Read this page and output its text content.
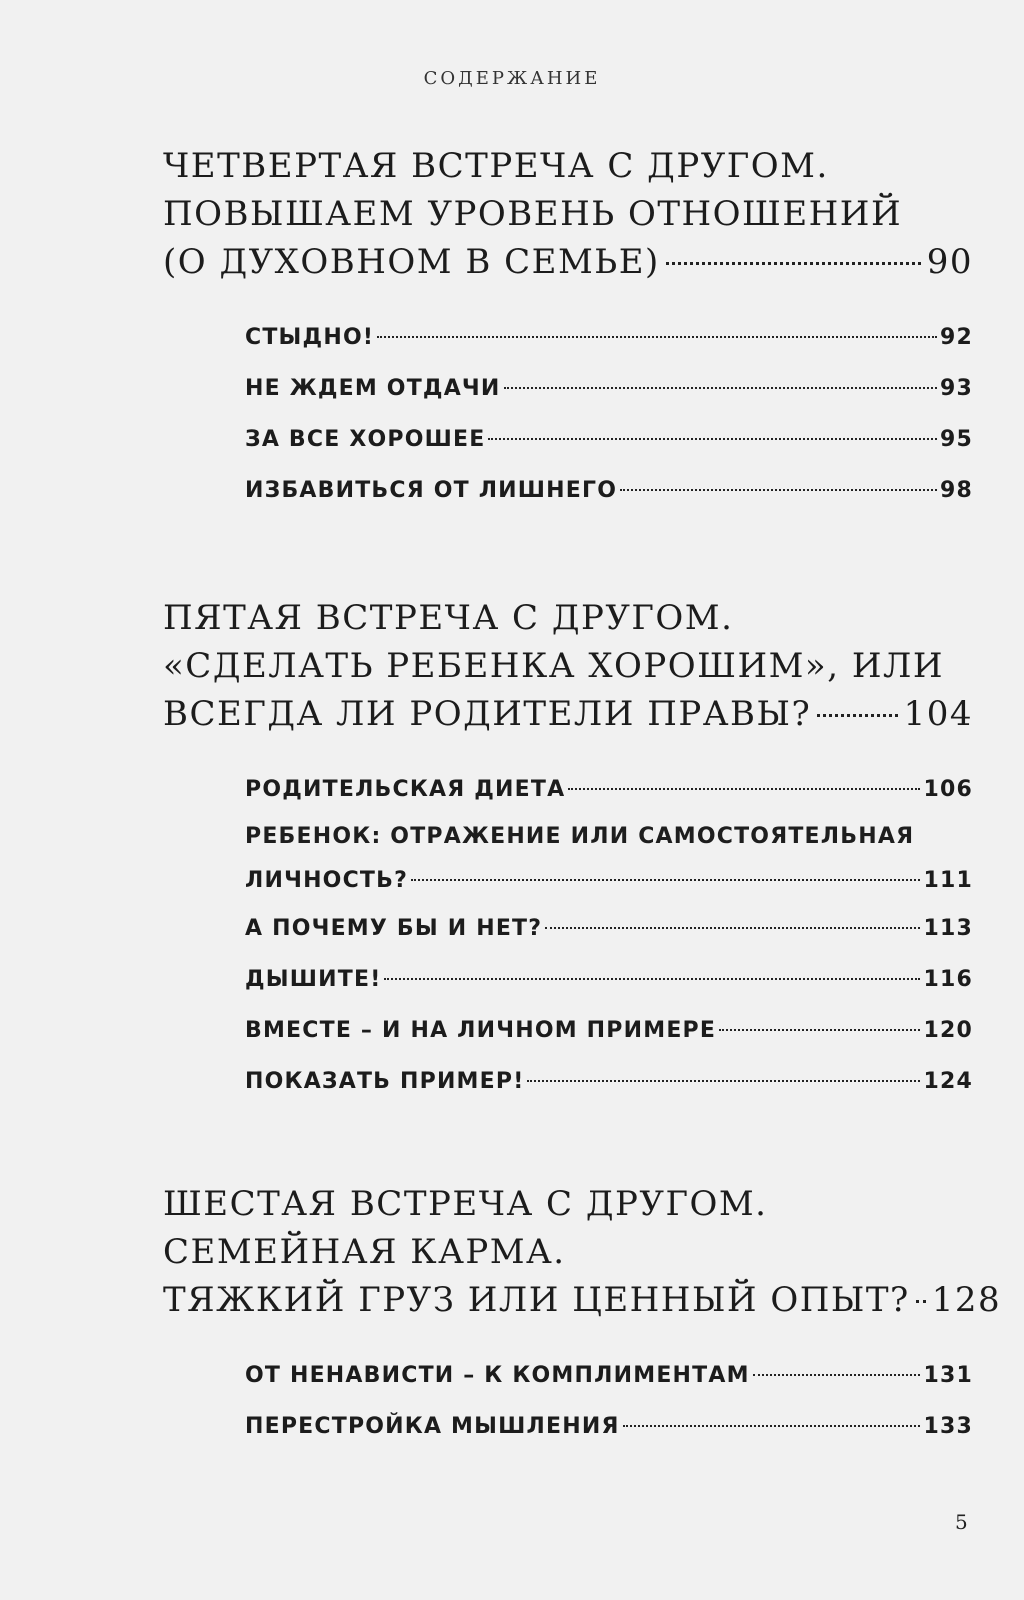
СОДЕРЖАНИЕ
ЧЕТВЕРТАЯ ВСТРЕЧА С ДРУГОМ.
ПОВЫШАЕМ УРОВЕНЬ ОТНОШЕНИЙ
(О ДУХОВНОМ В СЕМЬЕ)	90
СТЫДНО!	92
НЕ ЖДЕМ ОТДАЧИ	93
ЗА ВСЕ ХОРОШЕЕ	95
ИЗБАВИТЬСЯ ОТ ЛИШНЕГО	98
ПЯТАЯ ВСТРЕЧА С ДРУГОМ.
«СДЕЛАТЬ РЕБЕНКА ХОРОШИМ», ИЛИ
ВСЕГДА ЛИ РОДИТЕЛИ ПРАВЫ?	104
РОДИТЕЛЬСКАЯ ДИЕТА	106
РЕБЕНОК: ОТРАЖЕНИЕ ИЛИ САМОСТОЯТЕЛЬНАЯ
ЛИЧНОСТЬ?	111
А ПОЧЕМУ БЫ И НЕТ?	113
ДЫШИТЕ!	116
ВМЕСТЕ – И НА ЛИЧНОМ ПРИМЕРЕ	120
ПОКАЗАТЬ ПРИМЕР!	124
ШЕСТАЯ ВСТРЕЧА С ДРУГОМ.
СЕМЕЙНАЯ КАРМА.
ТЯЖКИЙ ГРУЗ ИЛИ ЦЕННЫЙ ОПЫТ? 128
ОТ НЕНАВИСТИ – К КОМПЛИМЕНТАМ	131
ПЕРЕСТРОЙКА МЫШЛЕНИЯ	133
5
